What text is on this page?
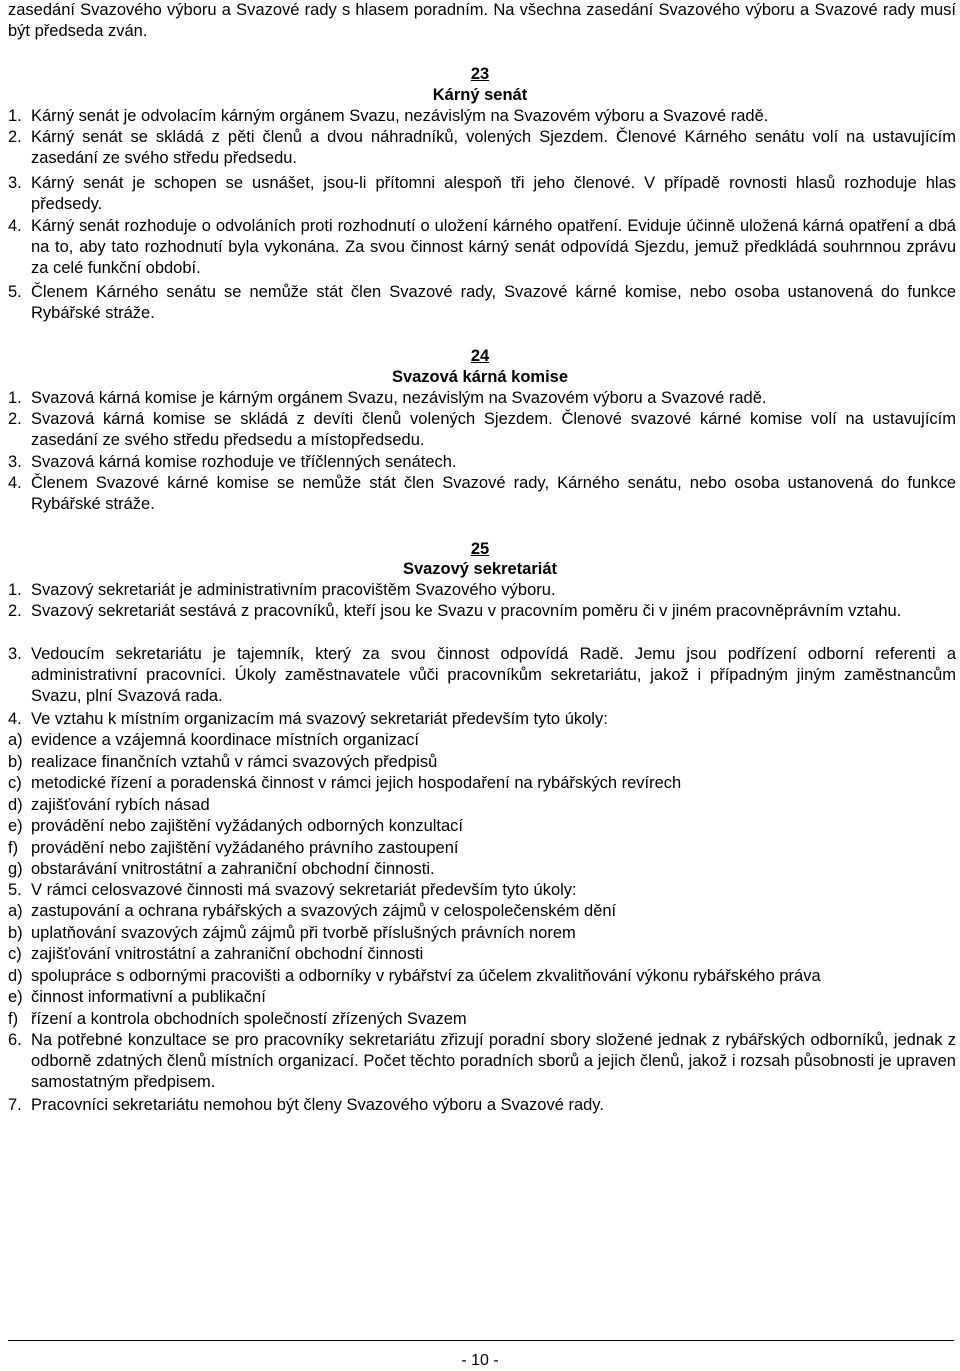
zasedání Svazového výboru a Svazové rady s hlasem poradním. Na všechna zasedání Svazového výboru a Svazové rady musí být předseda zván.

23
Kárný senát
1. Kárný senát je odvolacím kárným orgánem Svazu, nezávislým na Svazovém výboru a Svazové radě.

2. Kárný senát se skládá z pěti členů a dvou náhradníků, volených Sjezdem. Členové Kárného senátu volí na ustavujícím zasedání ze svého středu předsedu.

3. Kárný senát je schopen se usnášet, jsou-li přítomni alespoň tři jeho členové. V případě rovnosti hlasů rozhoduje hlas předsedy.

4. Kárný senát rozhoduje o odvoláních proti rozhodnutí o uložení kárného opatření. Eviduje účinně uložená kárná opatření a dbá na to, aby tato rozhodnutí byla vykonána. Za svou činnost kárný senát odpovídá Sjezdu, jemuž předkládá souhrnnou zprávu za celé funkční období.

5. Členem Kárného senátu se nemůže stát člen Svazové rady, Svazové kárné komise, nebo osoba ustanovená do funkce Rybářské stráže.

24
Svazová kárná komise
1. Svazová kárná komise je kárným orgánem Svazu, nezávislým na Svazovém výboru a Svazové radě.

2. Svazová kárná komise se skládá z devíti členů volených Sjezdem. Členové svazové kárné komise volí na ustavujícím zasedání ze svého středu předsedu a místopředsedu.

3. Svazová kárná komise rozhoduje ve tříčlenných senátech.

4. Členem Svazové kárné komise se nemůže stát člen Svazové rady, Kárného senátu, nebo osoba ustanovená do funkce Rybářské stráže.

25
Svazový sekretariát
1. Svazový sekretariát je administrativním pracovištěm Svazového výboru.

2. Svazový sekretariát sestává z pracovníků, kteří jsou ke Svazu v pracovním poměru či v jiném pracovněprávním vztahu.

3. Vedoucím sekretariátu je tajemník, který za svou činnost odpovídá Radě. Jemu jsou podřízení odborní referenti a administrativní pracovníci. Úkoly zaměstnavatele vůči pracovníkům sekretariátu, jakož i případným jiným zaměstnancům Svazu, plní Svazová rada.

4. Ve vztahu k místním organizacím má svazový sekretariát především tyto úkoly:

a) evidence a vzájemná koordinace místních organizací

b) realizace finančních vztahů v rámci svazových předpisů

c) metodické řízení a poradenská činnost v rámci jejich hospodaření na rybářských revírech

d) zajišťování rybích násad

e) provádění nebo zajištění vyžádaných odborných konzultací

f) provádění nebo zajištění vyžádaného právního zastoupení

g) obstarávání vnitrostátní a zahraniční obchodní činnosti.

5. V rámci celosvazové činnosti má svazový sekretariát především tyto úkoly:

a) zastupování a ochrana rybářských a svazových zájmů v celospolečenském dění

b) uplatňování svazových zájmů zájmů při tvorbě příslušných právních norem

c) zajišťování vnitrostátní a zahraniční obchodní činnosti

d) spolupráce s odbornými pracovišti a odborníky v rybářství za účelem zkvalitňování výkonu rybářského práva

e) činnost informativní a publikační

f) řízení a kontrola obchodních společností zřízených Svazem

6. Na potřebné konzultace se pro pracovníky sekretariátu zřizují poradní sbory složené jednak z rybářských odborníků, jednak z odborně zdatných členů místních organizací. Počet těchto poradních sborů a jejich členů, jakož i rozsah působnosti je upraven samostatným předpisem.

7. Pracovníci sekretariátu nemohou být členy Svazového výboru a Svazové rady.

- 10 -
